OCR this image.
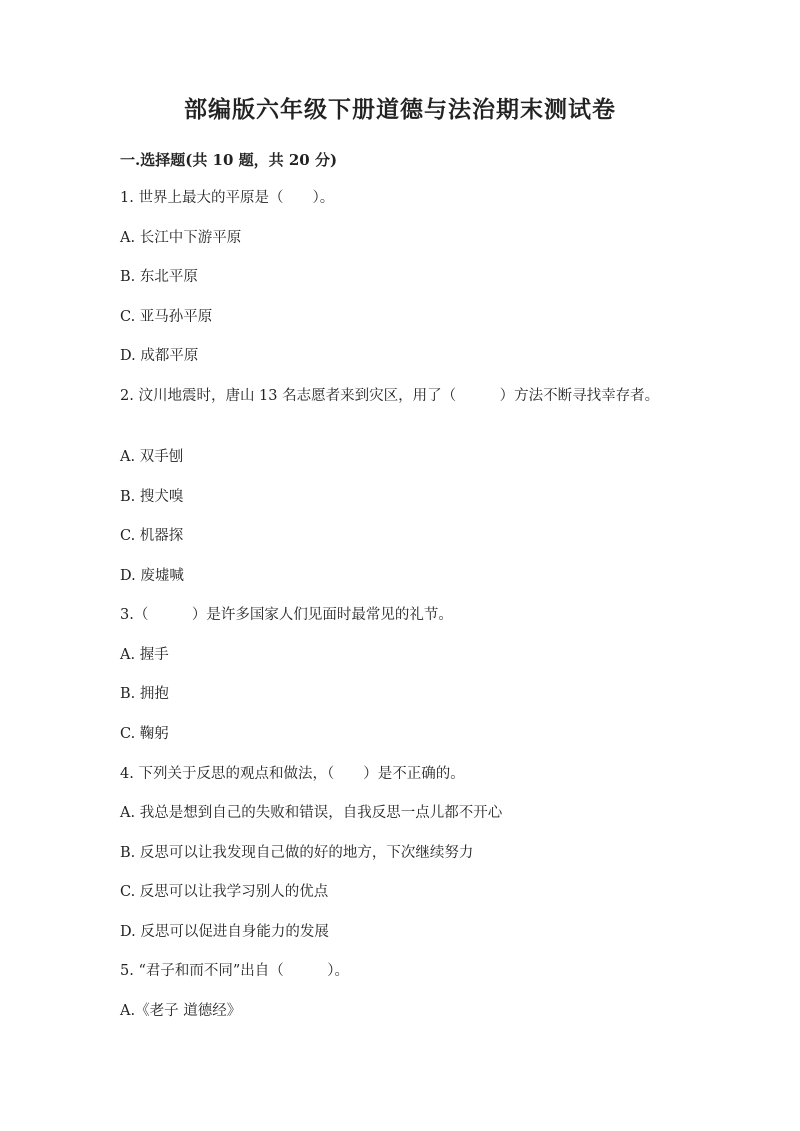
部编版六年级下册道德与法治期末测试卷
一.选择题(共 10 题，共 20 分)
1. 世界上最大的平原是（　　）。
A. 长江中下游平原
B. 东北平原
C. 亚马孙平原
D. 成都平原
2. 汶川地震时，唐山 13 名志愿者来到灾区，用了（　　　）方法不断寻找幸存者。
A. 双手刨
B. 搜犬嗅
C. 机器探
D. 废墟喊
3.（　　　）是许多国家人们见面时最常见的礼节。
A. 握手
B. 拥抱
C. 鞠躬
4. 下列关于反思的观点和做法，（　　）是不正确的。
A. 我总是想到自己的失败和错误，自我反思一点儿都不开心
B. 反思可以让我发现自己做的好的地方，下次继续努力
C. 反思可以让我学习别人的优点
D. 反思可以促进自身能力的发展
5. “君子和而不同”出自（　　　）。
A.《老子 道德经》
